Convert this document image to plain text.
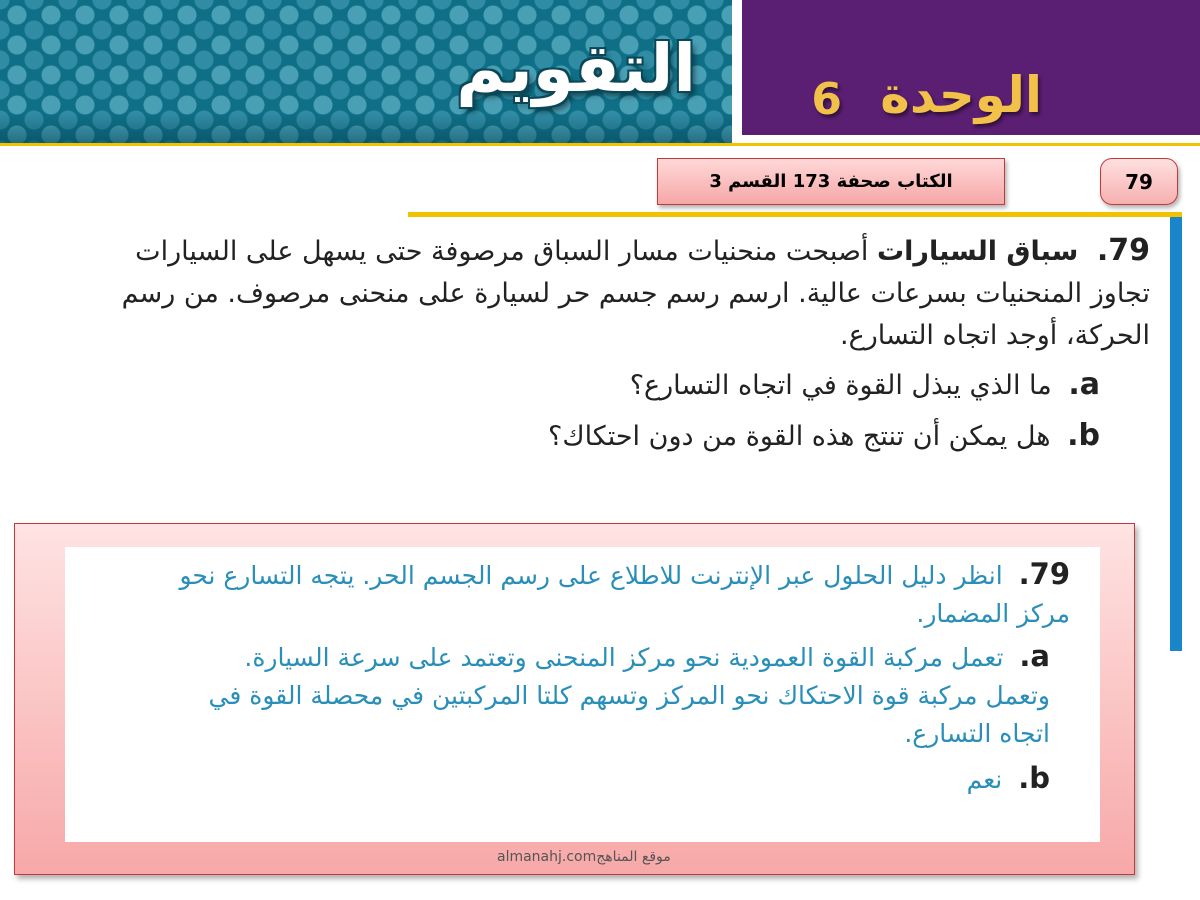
التقويم	الوحدة
6
الكتاب صحفة 173 القسم 3	79
79. سباق السيارات أصبحت منحنيات مسار السباق مرصوفة حتى يسهل على السيارات تجاوز المنحنيات بسرعات عالية. ارسم رسم جسم حر لسيارة على منحنى مرصوف. من رسم الحركة، أوجد اتجاه التسارع.
a. ما الذي يبذل القوة في اتجاه التسارع؟
b. هل يمكن أن تنتج هذه القوة من دون احتكاك؟
79. انظر دليل الحلول عبر الإنترنت للاطلاع على رسم الجسم الحر. يتجه التسارع نحو مركز المضمار.
a. تعمل مركبة القوة العمودية نحو مركز المنحنى وتعتمد على سرعة السيارة. وتعمل مركبة قوة الاحتكاك نحو المركز وتسهم كلتا المركبتين في محصلة القوة في اتجاه التسارع.
b. نعم
almanahj.comموقع المناهج
